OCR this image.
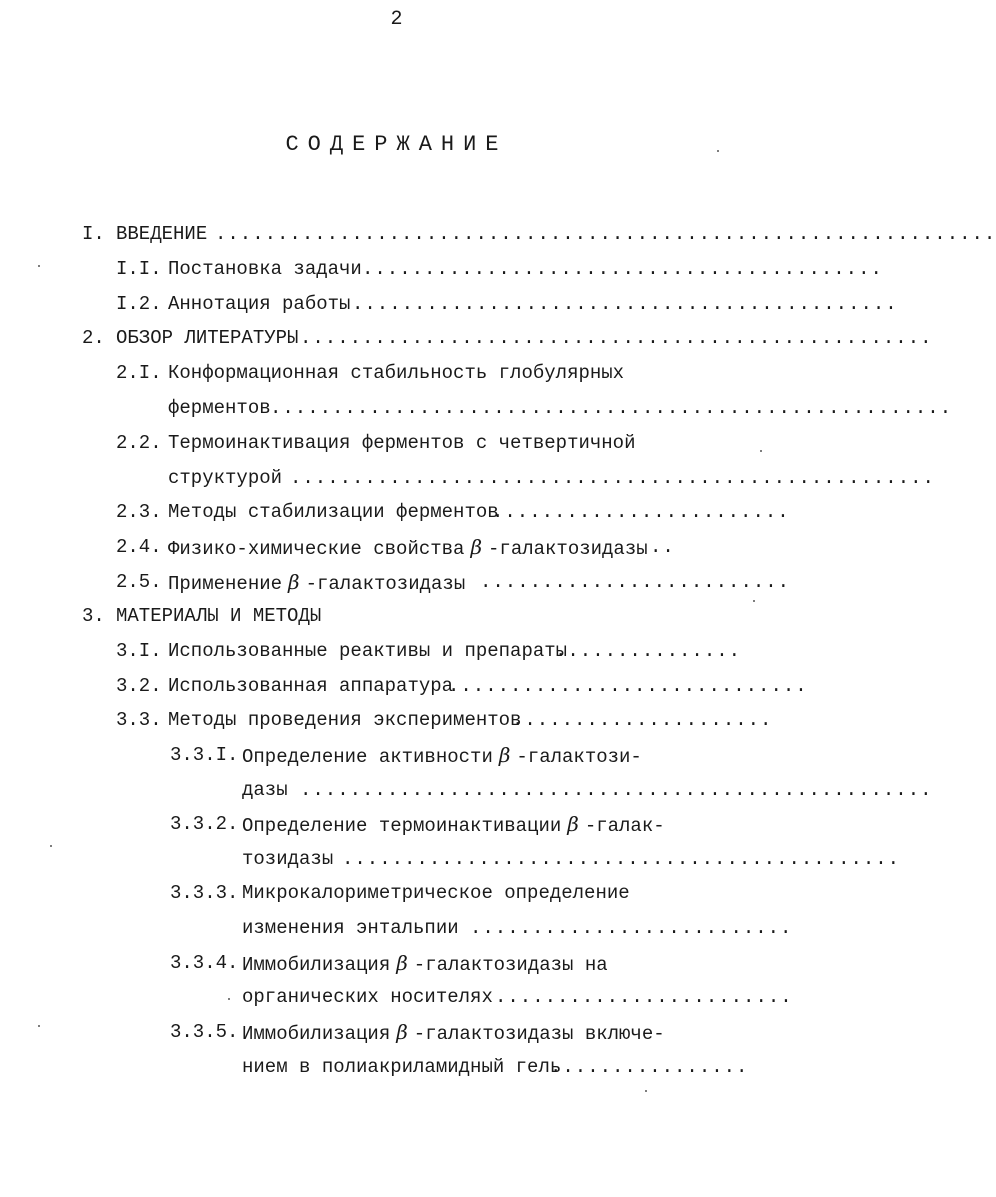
2
СОДЕРЖАНИЕ
I. ВВЕДЕНИЕ ...............................................................
I.I. Постановка задачи ..........................................
I.2. Аннотация работы ............................................
2. ОБЗОР ЛИТЕРАТУРЫ ...................................................
2.I. Конформационная стабильность глобулярных
ферментов .......................................................
2.2. Термоинактивация ферментов с четвертичной
структурой ....................................................
2.3. Методы стабилизации ферментов
........................
2.4. Физико-химические свойства β -галактозидазы ..
2.5. Применение β -галактозидазы .........................
3. МАТЕРИАЛЫ И МЕТОДЫ
3.I. Использованные реактивы и препараты
...............
3.2. Использованная аппаратура
.............................
3.3. Методы проведения экспериментов
.....................
3.3.I. Определение активности β -галактози-
дазы ...................................................
3.3.2. Определение термоинактивации β -галак-
тозидазы .............................................
3.3.3. Микрокалориметрическое определение
изменения энтальпии ..........................
3.3.4. Иммобилизация β -галактозидазы на
органических носителях ........................
3.3.5. Иммобилизация β -галактозидазы включе-
нием в полиакриламидный гель
................
